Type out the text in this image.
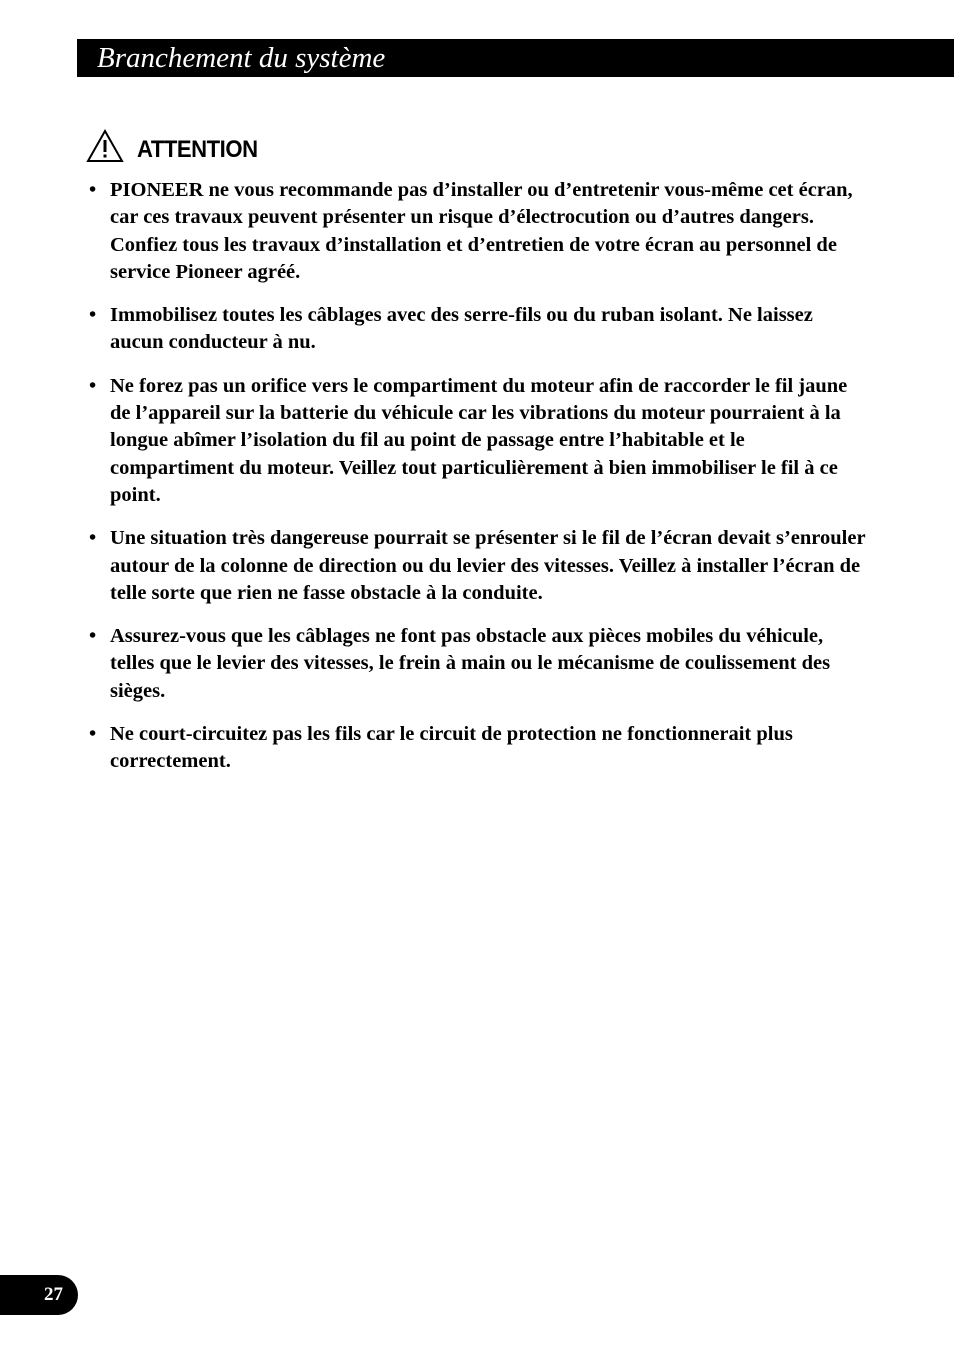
Branchement du système
ATTENTION
• PIONEER ne vous recommande pas d’installer ou d’entretenir vous-même cet écran, car ces travaux peuvent présenter un risque d’électrocution ou d’autres dangers. Confiez tous les travaux d’installation et d’entretien de votre écran au personnel de service Pioneer agréé.
• Immobilisez toutes les câblages avec des serre-fils ou du ruban isolant. Ne laissez aucun conducteur à nu.
• Ne forez pas un orifice vers le compartiment du moteur afin de raccorder le fil jaune de l’appareil sur la batterie du véhicule car les vibrations du moteur pourraient à la longue abîmer l’isolation du fil au point de passage entre l’habitable et le compartiment du moteur. Veillez tout particulièrement à bien immobiliser le fil à ce point.
• Une situation très dangereuse pourrait se présenter si le fil de l’écran devait s’enrouler autour de la colonne de direction ou du levier des vitesses. Veillez à installer l’écran de telle sorte que rien ne fasse obstacle à la conduite.
• Assurez-vous que les câblages ne font pas obstacle aux pièces mobiles du véhicule, telles que le levier des vitesses, le frein à main ou le mécanisme de coulissement des sièges.
• Ne court-circuitez pas les fils car le circuit de protection ne fonctionnerait plus correctement.
27
